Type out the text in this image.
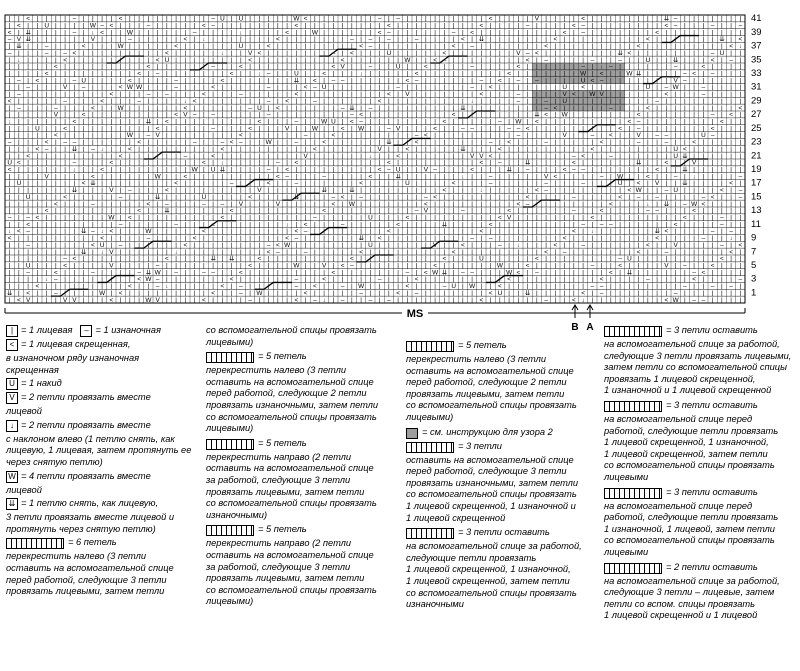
| | < | | | | – | | | | < | | | | | | | | | – U | U | | | | | W < | | | | | | | – | – | | | | | | | | | < | | | | V | | | | < | | | | | | | | ⇊ – | | | | | | |
| < | | U | | | | W – < | | | – | | | | | < – | | | | | | | | < | | | | | | | | | < | | | | | | | | | < | | | | – | | | | < – | | | | | | | | < – | | | – | | –
< | ⇊ | | | | – | ↓ < | | W | | | | | | – | | | | ↓ | | | | < | | W | | | | | | < – | | | | | | – | < | | | | | | | | | < | – | | | | | | | < | | | | | | | | |
– V ⇊ | | | | | | V | | | – | | | | | < | ↓ | | | | | | | < | | | | | | | – | – | – | | – | | | | < | ⇊ | | | | | | | < | | | | | | | | | < | | | | | | | ⇊ | <
| ⇊ | | – | | | < | | | W | | | | | < | | | | | | U | | < | | | | | | | | | < – | | | | | | | | < | – | | | | | | | < | | | | | | | | | < | | | | | | | | | < ↓
– | | | – | – < | | | | | | | | | < | | | | | ↓ | | V < | | | | | | | – | < | | | U | | | | | < | | | | | | | V – < | | | | | | | | ⇊ < | | | | | | | | – U | |
| ↓ | | | | < | | | | | | | | | < U | | | | | | | | < | | | | | | | | | < | | | | | | W | | < – | | | | | | | | < | – | | | | – | | – | | U | | ⇊ | | | < | – |
| | | | | < | | | | | | | | | < | | | | | | – | | < | | | | | | | | | < V | | – | | U | | < | | | | – | | | | < | | | | | | – | ↓ – | | | | | | – | | < | | | |
| | | | < | | | | | | | | | < | – | | | | | | | < | | ↓ – | | U | | < | | | ↓ | | | | | < | | | | | | | | | < | | | | | | | W | < | | W ⇊ | | | | – < | – | | |
| – | < | | | – U | | | | < | | | | – | | | | < | | | | | | | ⇊ | < | – – | | | | | | < – | | | | | | – | < | – | – | | | | U < – | | | | | | | V – | | | | | |
| | – | | | V | – | | | < W W | | | – | | | < | | | | | – | | | < – U | | | | | | | – | | | | | | | – | < | | | | | | | U | < | | | | | | U | – W | | – | | | |
| – | | | | | | | | | < | | | – | – | | | < | | | – | | | | | < | | | | | | | | | < | V | | | | | | | < | | | – | | | | V < | W V | | | | | | < | | | – | | | |
< | | | | | – | | | < | | | – | | | | ↓ < | | | | | | | – | < | | – | | | | | | < | | | | | | | | | ↓ | | | | – | | – | U | | | | | | | | | – | | | | | | | | |
| – | | | – | | | < | | W | | | | | | < | | | | | | – U | < | | | | | | – ⇊ | – | | | | | | | | | ⇊ | | | | | | | | – < | | | | | – | | | < | | | | | | | | | <
| | | | | V | | < | | | | | | | | | < V – | – | | | | | – | | | | | | | | – < | | | | | | | | | < | | | | | | | | ⇊ < | W | | | | | | | < | | | | | | | – | < |
↓ | | | | | | < | | | | | | | ⇊ | < | | | | | | | | | < | | | – | | W U | < – | | | | | | | | < | | | | | – | W | < | | | | | | | | | < – | | | | | | | | < | |
| | | U | | < | | | | | | | | | < | | | | | – | | | < | | | V | | W | | < | W | | – V | | | < | | – – | | | – – < | | | | | | | | | < | – | | | | | | | < | | |
| | | | | < | | | | | | | W | – V | | | | | | | | < | | | | | | – | | < | | | | | | | | – < | | | | | | | | | – | | | | V | | – | < | | V | – – | | | U – | | |
– | | | < | – – | | | | | | < | | | | | – | | – < – | | W | | – | | < | | | | | | ⇊ | | < | | | | | | | – | < | | | – | | | | | < | | | – | | – | | < | | | | |
| | | < – | | ⇊ | – ↓ | | < | | | | | | | | | < | | | | | | | | | < | | | | | | V | | < | | | | | ⇊ | | | < | | | | | | | | | < | | | | | | | | U < | | | | | |
| | < | | | | | | | | | < | | | | | | – | | < | | | | | | | | | V | | | | | | ↓ | | < | | | | | | | V V < | | | | | | | | – < | | – | | | | | | U ⇊ | | | | | |
U < | | | | | – | | | < | | | | | | | | | < | ↓ | | | | | – | < | | | | | | | | | < | | | | | | | | | < | – | | ⇊ | | | | < | | | | | | ⇊ | | < | | V | | | | |
< | | | | | | ↓ | | < | | | | | | | | | W | U ⇊ | | | | – | < | | | | | | | | | < – U | | V – | | | < | | | ⇊ | – | | | < – – | | | | | | | < | | ⇊ | | | | | |
| | | | V | | | | < | | | | | | W | | < | | | | | | | | | < – | | | – | | | | < | | ⇊ | | | | | | ↓ | | – | | | | | V < | | | | – | W | | < | | – | ↓ | | | | –
| U | | | | | | < ⇊ | | | | | | | | < | | | | | – | | | < | | – | | | | | | < | | | | U | | | | < | | | – | | | | | – | | | – | | | U | < | V | | ⇊ | | | | < |
| | | | | | | ⇊ | | | V | – | | | < | | | | | | | | | V | | | | | | ⇊ | | ⇊ | | | | | | | | | < | | | ↓ | | | | | < – | | | | | | | | < W | | – U | | | | < | –
| | U | | | < | | | | | – | | | ⇊ | | | | U | | | | < | | | | ⇊ | | | – < | – | | | | | | – < | | | | | | | | | < | | | | – | | | | < | – | – | | | | – < | | –
| | | | | < | | | – | | | | | < | – | | | – | – | V | | | V | | | | | < | W | | | | | | | < | | | | | | | | | < – | | | | | | | | < | | | ↓ | ⇊ | – W < | | | |
| | | | < | | | | | | | | | < | | ⇊ | | | | | | < | | | | | | | | | < | | | | | | | | | – V | | | – | | | | < | | | | | | – | | < | | | | – – | | | < | | | | |
– | – < | | | | | | | W | < | | | | | | | | | < | | | | | | | | | – | | | | | U | | | < | | | | | | | | | < V | | | | | | | | < | | | | | | | | | < | | | – | |
| | < | | | | | | | | | – | | | | | – | | | < | | | | | | | ↓ | < | | | – | | | | | < | | | | ⇊ | | | | < | | | | | | | | | – | – – | | | | | | < | | | | – | |
↓ < – | | | | | ⇊ – ↓ < | | | W | | | | | < | | | | | | | | | < – | | | | | | | | < | | | | | | | | | < | | | | | | | | | < | ↓ | | | | | | ⇊ < | | | | – | – |
< | | | | | | | | | < | | | | – | | | | < | | | | | | | | | < – | | | | | | ⇊ | < | | | | | | | | | – | – | | | | | | | < | | | | | | | | | < | | | | – | | ↓ |
| | – | | | | | | < U | – | | | | | | < | | | | | | | | – < W | | | | | | | | U | | | | | | V | | < | | | – | ↓ | | | < | | – | | | | | | < | | V | | | | – | <
| | | | | | | | ⇊ | ↓ V | | | | | | ↓ | | | | | | | | | < – | | – | | | | | < | | | | | | | | | < | | | | | | | | | < | – | | | | | | | < | | – | | | | | | < |
| | | | | | – < | | | | | | | | | < | | | | ⇊ | ⇊ | | < | | | | | | | | | < | | | | | | | | | < | | | U | | | | | < | | | | | | | | – U | | | | | | | | | < | |
| | U | | | < | | | | V | | | | – | | | | | | | | | < | | | | W | | V | < – | | | | | | | | < | | | | | | W | | < | | | | | | – | | < | | | | V | – | | < | | |
| | – | | < | | | – | | | | – ⇊ W | – | | – – | | < | | | | | | | | | < | | | | | | | – | < W ⇊ | – – | | | W < | – | | | | | | | < | ⇊ | | | | | | – < | | | |
| | | | ↓ – | | | | | | | | < W – | | | | | | | < | | | | | | – | | < | | | | | – | | | < | | | | | | | | | < | | | | | | | | | < | | | | – | | | | < | | | | –
| | | < | | | | | | | | | < | | – ↓ | | | | | < | – | | | | | – | < | | – | W | | | | < | | | – U | W | | < | | | | | | | | | – – | | | | | | | | – | | – | – |
⇊ | < | | – | | | | W | < | | | | | | | | | < | | – | W | | | | < | | | | | – | | | < | – | | | | | | | < U | | ⇊ | | | | | < | – | | | | | | | – | | | | | | |
| < V | | | V V | | | < | | | W V | | | | < | | | | – | | | | < | – ↓ | – | | – | – | | | | | | | | | < | | | | | | – | | < ↓ | | | | | | | | < W | – – | | | |
41
39
37
35
33
31
29
27
25
23
21
19
17
15
13
11
9
7
5
3
1
MS
B A
| = 1 лицевая	– = 1 изнаночная
< = 1 лицевая скрещенная,
в изнаночном ряду изнаночная
скрещенная
U = 1 накид
V = 2 петли провязать вместе
лицевой
↓ = 2 петли провязать вместе
с наклоном влево (1 петлю снять, как
лицевую, 1 лицевая, затем протянуть ее
через снятую петлю)
W = 4 петли провязать вместе
лицевой
⇊ = 1 петлю снять, как лицевую,
3 петли провязать вместе лицевой и
протянуть через снятую петлю)
= 6 петель
перекрестить налево (3 петли
оставить на вспомогательной спице
перед работой, следующие 3 петли
провязать лицевыми, затем петли
со вспомогательной спицы провязать
лицевыми)
= 5 петель
перекрестить налево (3 петли
оставить на вспомогательной спице
перед работой, следующие 2 петли
провязать изнаночными, затем петли
со вспомогательной спицы провязать
лицевыми)
= 5 петель
перекрестить направо (2 петли
оставить на вспомогательной спице
за работой, следующие 3 петли
провязать лицевыми, затем петли
со вспомогательной спицы провязать
изнаночными)
= 5 петель
перекрестить направо (2 петли
оставить на вспомогательной спице
за работой, следующие 3 петли
провязать лицевыми, затем петли
со вспомогательной спицы провязать
лицевыми)
= 5 петель
перекрестить налево (3 петли
оставить на вспомогательной спице
перед работой, следующие 2 петли
провязать лицевыми, затем петли
со вспомогательной спицы провязать
лицевыми)
= см. инструкцию для узора 2
= 3 петли
оставить на вспомогательной спице
перед работой, следующие 3 петли
провязать изнаночными, затем петли
со вспомогательной спицы провязать
1 лицевой скрещенной, 1 изнаночной и
1 лицевой скрещенной
= 3 петли оставить
на вспомогательной спице за работой,
следующие петли провязать
1 лицевой скрещенной, 1 изнаночной,
1 лицевой скрещенной, затем петли
со вспомогательной спицы провязать
изнаночными
= 3 петли оставить
на вспомогательной спице за работой,
следующие 3 петли провязать лицевыми,
затем петли со вспомогательной спицы
провязать 1 лицевой скрещенной,
1 изнаночной и 1 лицевой скрещенной
= 3 петли оставить
на вспомогательной спице перед
работой, следующие петли провязать
1 лицевой скрещенной, 1 изнаночной,
1 лицевой скрещенной, затем петли
со вспомогательной спицы провязать
лицевыми
= 3 петли оставить
на вспомогательной спице перед
работой, следующие петли провязать
1 изнаночной, 1 лицевой, затем петли
со вспомогательной спицы провязать
лицевыми
= 2 петли оставить
на вспомогательной спице за работой,
следующие 3 петли – лицевые, затем
петли со вспом. спицы провязать
1 лицевой скрещенной и 1 лицевой
